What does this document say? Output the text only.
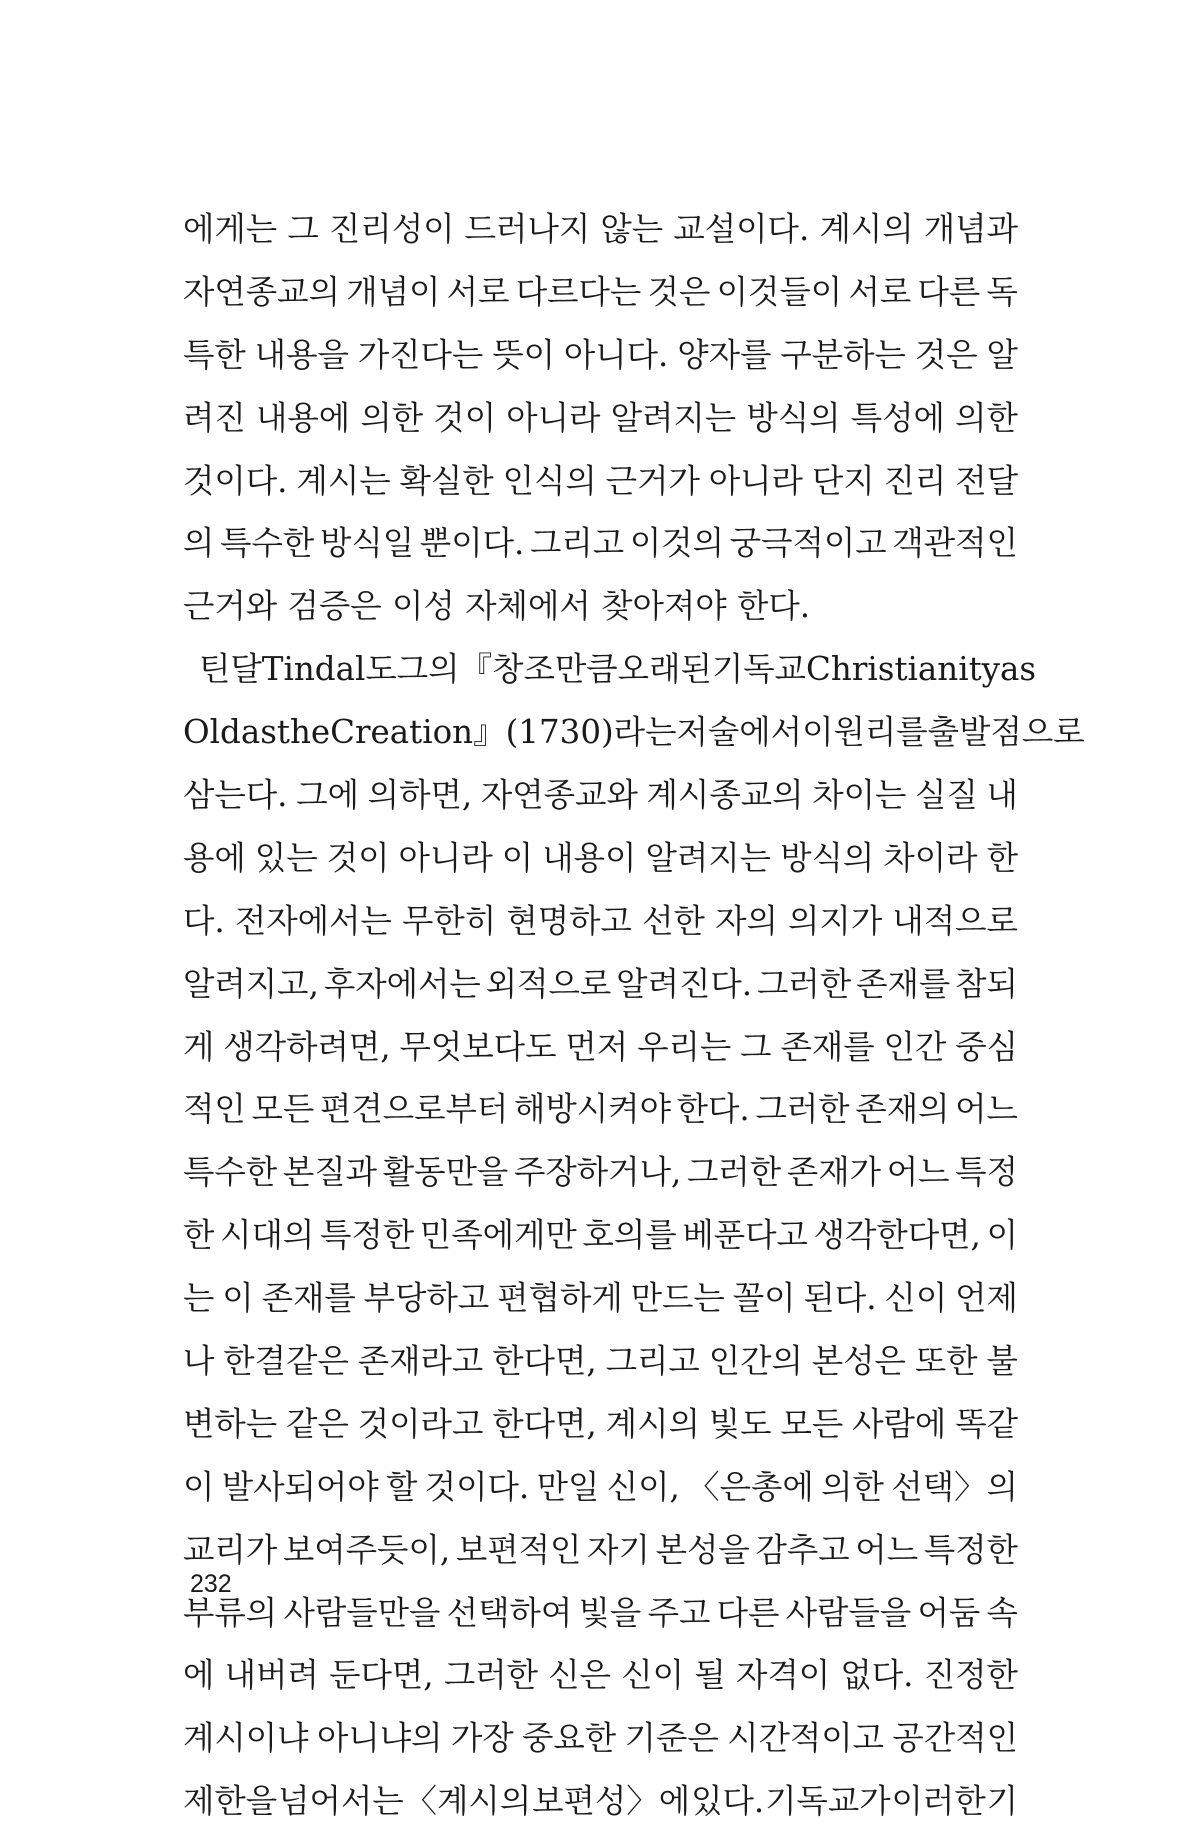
에게는 그 진리성이 드러나지 않는 교설이다. 계시의 개념과
자연종교의 개념이 서로 다르다는 것은 이것들이 서로 다른 독
특한 내용을 가진다는 뜻이 아니다. 양자를 구분하는 것은 알
려진 내용에 의한 것이 아니라 알려지는 방식의 특성에 의한
것이다. 계시는 확실한 인식의 근거가 아니라 단지 진리 전달
의 특수한 방식일 뿐이다. 그리고 이것의 궁극적이고 객관적인
근거와 검증은 이성 자체에서 찾아져야 한다.
틴달 Tindal도 그의 『창조만큼 오래된 기독교 Christianity as
Old as the Creation』(1730)라는 저술에서 이 원리를 출발점으로
삼는다. 그에 의하면, 자연종교와 계시종교의 차이는 실질 내
용에 있는 것이 아니라 이 내용이 알려지는 방식의 차이라 한
다. 전자에서는 무한히 현명하고 선한 자의 의지가 내적으로
알려지고, 후자에서는 외적으로 알려진다. 그러한 존재를 참되
게 생각하려면, 무엇보다도 먼저 우리는 그 존재를 인간 중심
적인 모든 편견으로부터 해방시켜야 한다. 그러한 존재의 어느
특수한 본질과 활동만을 주장하거나, 그러한 존재가 어느 특정
한 시대의 특정한 민족에게만 호의를 베푼다고 생각한다면, 이
는 이 존재를 부당하고 편협하게 만드는 꼴이 된다. 신이 언제
나 한결같은 존재라고 한다면, 그리고 인간의 본성은 또한 불
변하는 같은 것이라고 한다면, 계시의 빛도 모든 사람에 똑같
이 발사되어야 할 것이다. 만일 신이, 〈은총에 의한 선택〉의
교리가 보여주듯이, 보편적인 자기 본성을 감추고 어느 특정한
부류의 사람들만을 선택하여 빛을 주고 다른 사람들을 어둠 속
에 내버려 둔다면, 그러한 신은 신이 될 자격이 없다. 진정한
계시이냐 아니냐의 가장 중요한 기준은 시간적이고 공간적인
제한을 넘어서는 〈계시의 보편성〉에 있다. 기독교가 이러한 기
232
